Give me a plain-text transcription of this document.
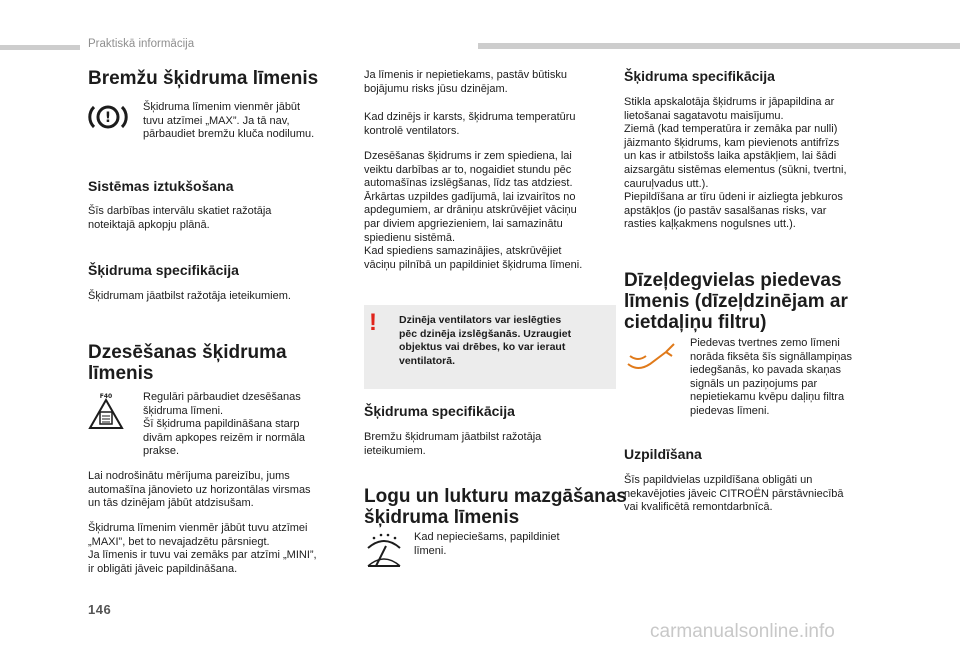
Praktiskā informācija
Bremžu šķidruma līmenis
!

Šķidruma līmenim vienmēr jābūt
tuvu atzīmei „MAX”. Ja tā nav,
pārbaudiet bremžu kluča nodilumu.

Sistēmas iztukšošana

Šīs darbības intervālu skatiet ražotāja
noteiktajā apkopju plānā.

Šķidruma specifikācija

Šķidrumam jāatbilst ražotāja ieteikumiem.

Dzesēšanas šķidruma
līmenis
F40	Regulāri pārbaudiet dzesēšanas
šķidruma līmeni.
Šī šķidruma papildināšana starp
divām apkopes reizēm ir normāla
prakse.

Lai nodrošinātu mērījuma pareizību, jums
automašīna jānovieto uz horizontālas virsmas
un tās dzinējam jābūt atdzisušam.

Šķidruma līmenim vienmēr jābūt tuvu atzīmei
„MAXI”, bet to nevajadzētu pārsniegt.
Ja līmenis ir tuvu vai zemāks par atzīmi „MINI”,
ir obligāti jāveic papildināšana.

Ja līmenis ir nepietiekams, pastāv būtisku
bojājumu risks jūsu dzinējam.

Kad dzinējs ir karsts, šķidruma temperatūru
kontrolē ventilators.

Dzesēšanas šķidrums ir zem spiediena, lai
veiktu darbības ar to, nogaidiet stundu pēc
automašīnas izslēgšanas, līdz tas atdziest.
Ārkārtas uzpildes gadījumā, lai izvairītos no
apdegumiem, ar drāniņu atskrūvējiet vāciņu
par diviem apgriezieniem, lai samazinātu
spiedienu sistēmā.
Kad spiediens samazinājies, atskrūvējiet
vāciņu pilnībā un papildiniet šķidruma līmeni.

! Dzinēja ventilators var ieslēgties
pēc dzinēja izslēgšanās. Uzraugiet
objektus vai drēbes, ko var ieraut
ventilatorā.

Šķidruma specifikācija

Bremžu šķidrumam jāatbilst ražotāja
ieteikumiem.

Logu un lukturu mazgāšanas
šķidruma līmenis

Kad nepieciešams, papildiniet
līmeni.

Šķidruma specifikācija

Stikla apskalotāja šķidrums ir jāpapildina ar
lietošanai sagatavotu maisījumu.
Ziemā (kad temperatūra ir zemāka par nulli)
jāizmanto šķidrums, kam pievienots antifrīzs
un kas ir atbilstošs laika apstākļiem, lai šādi
aizsargātu sistēmas elementus (sūkni, tvertni,
cauruļvadus utt.).
Piepildīšana ar tīru ūdeni ir aizliegta jebkuros
apstākļos (jo pastāv sasalšanas risks, var
rasties kaļķakmens nogulsnes utt.).

Dīzeļdegvielas piedevas
līmenis (dīzeļdzinējam ar
cietdaļiņu filtru)

Piedevas tvertnes zemo līmeni
norāda fiksēta šīs signāllampiņas
iedegšanās, ko pavada skaņas
signāls un paziņojums par
nepietiekamu kvēpu daļiņu filtra
piedevas līmeni.

Uzpildīšana

Šīs papildvielas uzpildīšana obligāti un
nekavējoties jāveic CITROËN pārstāvniecībā
vai kvalificētā remontdarbnīcā.

146
carmanualsonline.info
